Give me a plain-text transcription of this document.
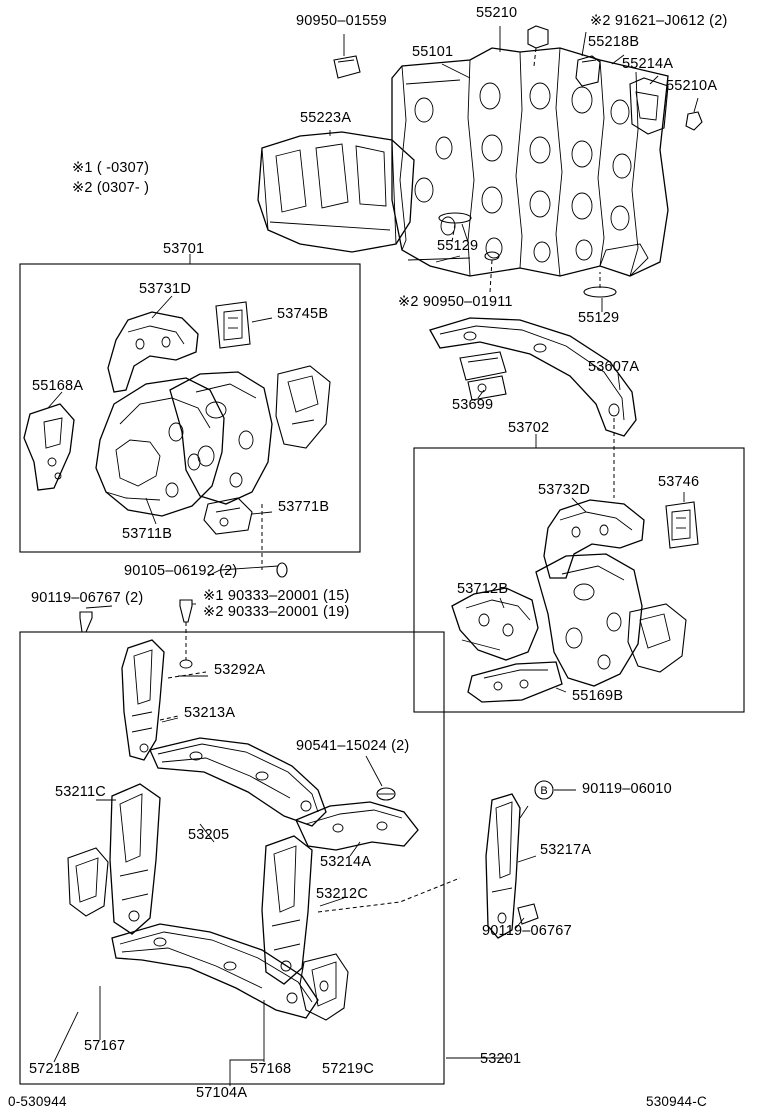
B
90950–01559	55210	※2 91621–J0612 (2)
55101
55218B
55214A
55210A
55223A
55129
※2 90950–01911
55129
53701
53731D
53745B
55168A
53699
53607A
53702
53732D	53746
53771B
53711B
53712B
55169B
90105–06192 (2)
90119–06767 (2)	※1 90333–20001 (15)
※2 90333–20001 (19)
53292A
53213A
90541–15024 (2)
90119–06010
53211C
53205
53214A
53217A
53212C
90119–06767
57167
57218B	57168 57219C
57104A
53201
※1 ( -0307)
※2 (0307- )
0-530944	530944-C
